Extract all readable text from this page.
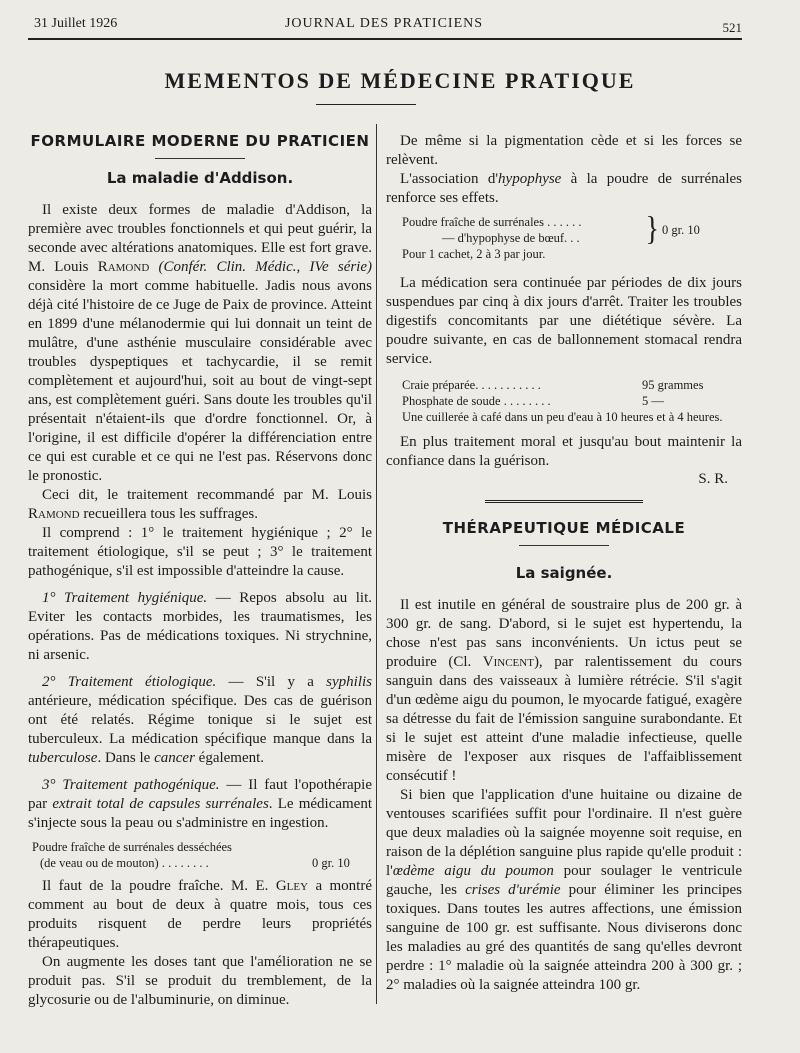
31 Juillet 1926	JOURNAL DES PRATICIENS	521
MEMENTOS DE MÉDECINE PRATIQUE
FORMULAIRE MODERNE DU PRATICIEN
La maladie d'Addison.

Il existe deux formes de maladie d'Addison, la première avec troubles fonctionnels et qui peut guérir, la seconde avec altérations anatomiques. Elle est fort grave. M. Louis Ramond (Confér. Clin. Médic., IVe série) considère la mort comme habituelle. Jadis nous avons déjà cité l'histoire de ce Juge de Paix de province. Atteint en 1899 d'une mélanodermie qui lui donnait un teint de mulâtre, d'une asthénie musculaire considérable avec troubles dyspeptiques et tachycardie, il se remit complètement et aujourd'hui, soit au bout de vingt-sept ans, est complètement guéri. Sans doute les troubles qu'il présentait n'étaient-ils que d'ordre fonctionnel. Or, à l'origine, il est difficile d'opérer la différenciation entre ce qui est curable et ce qui ne l'est pas. Réservons donc le pronostic.

Ceci dit, le traitement recommandé par M. Louis Ramond recueillera tous les suffrages.

Il comprend : 1° le traitement hygiénique ; 2° le traitement étiologique, s'il se peut ; 3° le traitement pathogénique, s'il est impossible d'atteindre la cause.

1° Traitement hygiénique. — Repos absolu au lit. Eviter les contacts morbides, les traumatismes, les opérations. Pas de médications toxiques. Ni strychnine, ni arsenic.

2° Traitement étiologique. — S'il y a syphilis antérieure, médication spécifique. Des cas de guérison ont été relatés. Régime tonique si le sujet est tuberculeux. La médication spécifique manque dans la tuberculose. Dans le cancer également.

3° Traitement pathogénique. — Il faut l'opothérapie par extrait total de capsules surrénales. Le médicament s'injecte sous la peau ou s'administre en ingestion.

Poudre fraîche de surrénales desséchées
(de veau ou de mouton) . . . . . . . .	0 gr. 10

Il faut de la poudre fraîche. M. E. Gley a montré comment au bout de deux à quatre mois, tous ces produits risquent de perdre leurs propriétés thérapeutiques.

On augmente les doses tant que l'amélioration ne se produit pas. S'il se produit du tremblement, de la glycosurie ou de l'albuminurie, on diminue.

De même si la pigmentation cède et si les forces se relèvent.

L'association d'hypophyse à la poudre de surrénales renforce ses effets.

Poudre fraîche de surrénales . . . . . .
— d'hypophyse de bœuf. . .	} 0 gr. 10
Pour 1 cachet, 2 à 3 par jour.

La médication sera continuée par périodes de dix jours suspendues par cinq à dix jours d'arrêt. Traiter les troubles digestifs concomitants par une diététique sévère. La poudre suivante, en cas de ballonnement stomacal rendra service.

Craie préparée. . . . . . . . . . .	95 grammes
Phosphate de soude . . . . . . . .	5 —
Une cuillerée à café dans un peu d'eau à 10 heures et à 4 heures.

En plus traitement moral et jusqu'au bout maintenir la confiance dans la guérison.

S. R.
THÉRAPEUTIQUE MÉDICALE
La saignée.

Il est inutile en général de soustraire plus de 200 gr. à 300 gr. de sang. D'abord, si le sujet est hypertendu, la chose n'est pas sans inconvénients. Un ictus peut se produire (Cl. Vincent), par ralentissement du cours sanguin dans des vaisseaux à lumière rétrécie. S'il s'agit d'un œdème aigu du poumon, le myocarde fatigué, exagère sa détresse du fait de l'émission sanguine surabondante. Et si le sujet est atteint d'une maladie infectieuse, quelle misère de l'exposer aux risques de l'affaiblissement consécutif !

Si bien que l'application d'une huitaine ou dizaine de ventouses scarifiées suffit pour l'ordinaire. Il n'est guère que deux maladies où la saignée moyenne soit requise, en raison de la déplétion sanguine plus rapide qu'elle produit : l'œdème aigu du poumon pour soulager le ventricule gauche, les crises d'urémie pour éliminer les principes toxiques. Dans toutes les autres affections, une émission sanguine de 100 gr. est suffisante. Nous diviserons donc les maladies au gré des quantités de sang qu'elles devront perdre : 1° maladie où la saignée atteindra 200 à 300 gr. ; 2° maladies où la saignée atteindra 100 gr.
